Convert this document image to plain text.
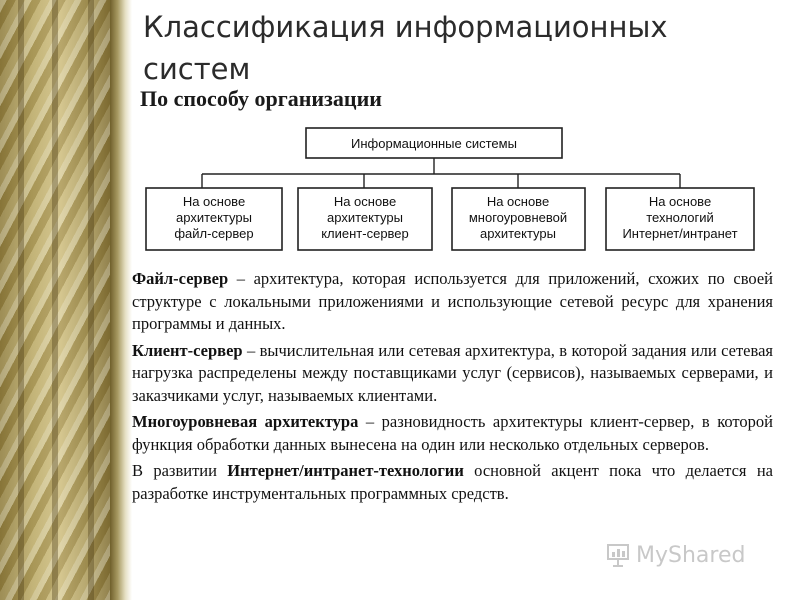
Классификация информационных систем
По способу организации
Информационные системы
На основе
архитектуры
файл-сервер
На основе
архитектуры
клиент-сервер
На основе
многоуровневой
архитектуры
На основе
технологий
Интернет/интранет

Файл-сервер – архитектура, которая используется для приложений, схожих по своей структуре с локальными приложениями и использующие сетевой ресурс для хранения программы и данных.

Клиент-сервер – вычислительная или сетевая архитектура, в которой задания или сетевая нагрузка распределены между поставщиками услуг (сервисов), называемых серверами, и заказчиками услуг, называемых клиентами.

Многоуровневая архитектура – разновидность архитектуры клиент-сервер, в которой функция обработки данных вынесена на один или несколько отдельных серверов.

В развитии Интернет/интранет-технологии основной акцент пока что делается на разработке инструментальных программных средств.

MyShared
